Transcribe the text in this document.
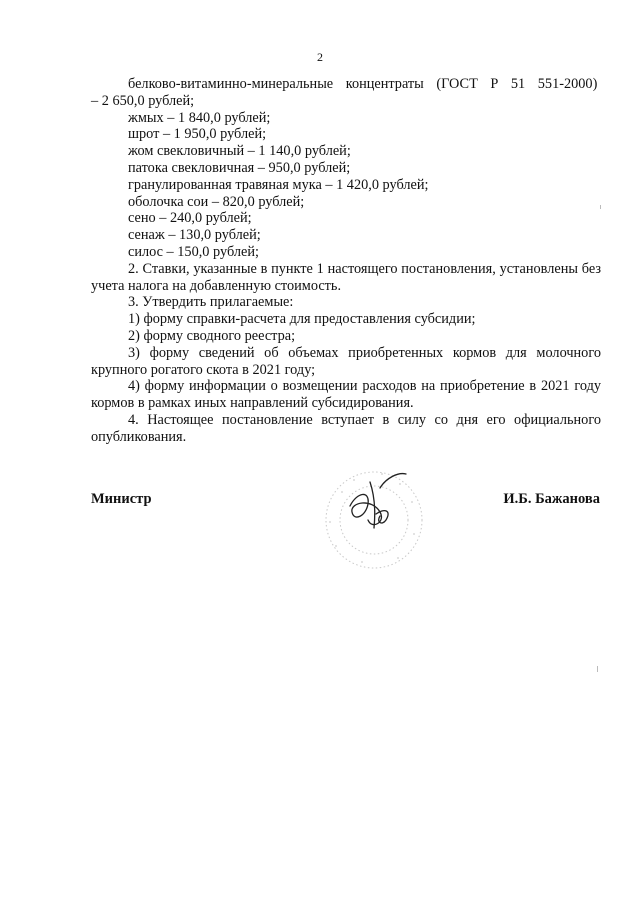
2

белково-витаминно-минеральные концентраты (ГОСТ Р 51 551-2000)

– 2 650,0 рублей;

жмых – 1 840,0 рублей;

шрот – 1 950,0 рублей;

жом свекловичный – 1 140,0 рублей;

патока свекловичная – 950,0 рублей;

гранулированная травяная мука – 1 420,0 рублей;

оболочка сои – 820,0 рублей;

сено – 240,0 рублей;

сенаж – 130,0 рублей;

силос – 150,0 рублей;

2. Ставки, указанные в пункте 1 настоящего постановления, установлены без учета налога на добавленную стоимость.

3. Утвердить прилагаемые:

1) форму справки-расчета для предоставления субсидии;

2) форму сводного реестра;

3) форму сведений об объемах приобретенных кормов для молочного крупного рогатого скота в 2021 году;

4) форму информации о возмещении расходов на приобретение в 2021 году кормов в рамках иных направлений субсидирования.

4. Настоящее постановление вступает в силу со дня его официального опубликования.

Министр	И.Б. Бажанова
